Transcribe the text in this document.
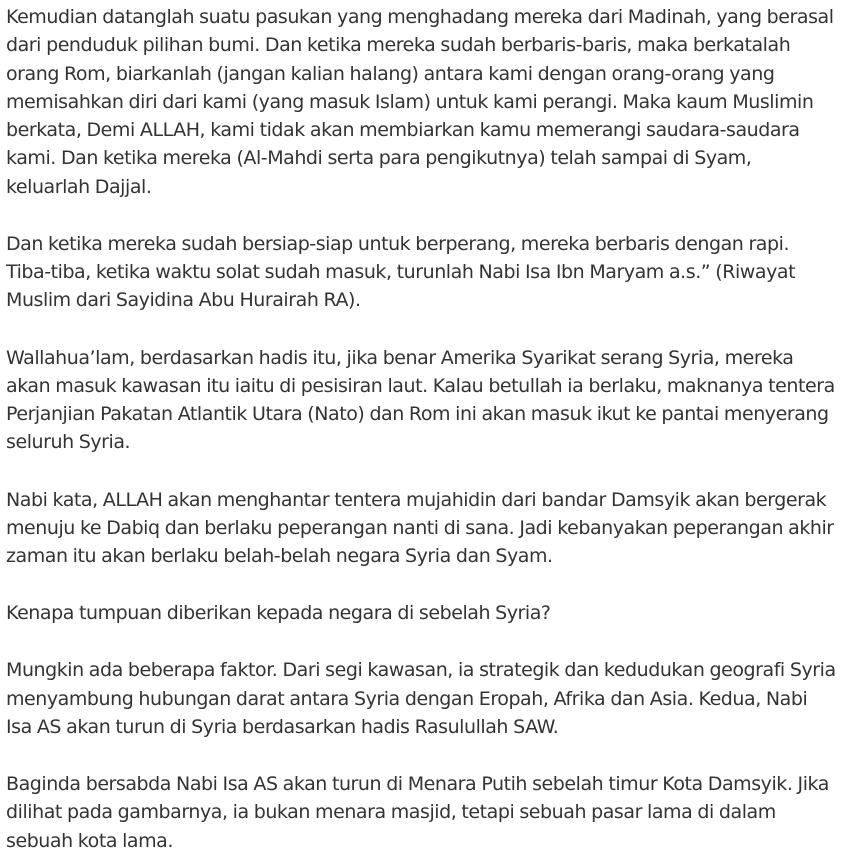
Kemudian datanglah suatu pasukan yang menghadang mereka dari Madinah, yang berasal dari penduduk pilihan bumi. Dan ketika mereka sudah berbaris-baris, maka berkatalah orang Rom, biarkanlah (jangan kalian halang) antara kami dengan orang-orang yang memisahkan diri dari kami (yang masuk Islam) untuk kami perangi. Maka kaum Muslimin berkata, Demi ALLAH, kami tidak akan membiarkan kamu memerangi saudara-saudara kami. Dan ketika mereka (Al-Mahdi serta para pengikutnya) telah sampai di Syam, keluarlah Dajjal.

Dan ketika mereka sudah bersiap-siap untuk berperang, mereka berbaris dengan rapi. Tiba-tiba, ketika waktu solat sudah masuk, turunlah Nabi Isa Ibn Maryam a.s.” (Riwayat Muslim dari Sayidina Abu Hurairah RA).

Wallahua’lam, berdasarkan hadis itu, jika benar Amerika Syarikat serang Syria, mereka akan masuk kawasan itu iaitu di pesisiran laut. Kalau betullah ia berlaku, maknanya tentera Perjanjian Pakatan Atlantik Utara (Nato) dan Rom ini akan masuk ikut ke pantai menyerang seluruh Syria.

Nabi kata, ALLAH akan menghantar tentera mujahidin dari bandar Damsyik akan bergerak menuju ke Dabiq dan berlaku peperangan nanti di sana. Jadi kebanyakan peperangan akhir zaman itu akan berlaku belah-belah negara Syria dan Syam.

Kenapa tumpuan diberikan kepada negara di sebelah Syria?

Mungkin ada beberapa faktor. Dari segi kawasan, ia strategik dan kedudukan geografi Syria menyambung hubungan darat antara Syria dengan Eropah, Afrika dan Asia. Kedua, Nabi Isa AS akan turun di Syria berdasarkan hadis Rasulullah SAW.

Baginda bersabda Nabi Isa AS akan turun di Menara Putih sebelah timur Kota Damsyik. Jika dilihat pada gambarnya, ia bukan menara masjid, tetapi sebuah pasar lama di dalam sebuah kota lama.
